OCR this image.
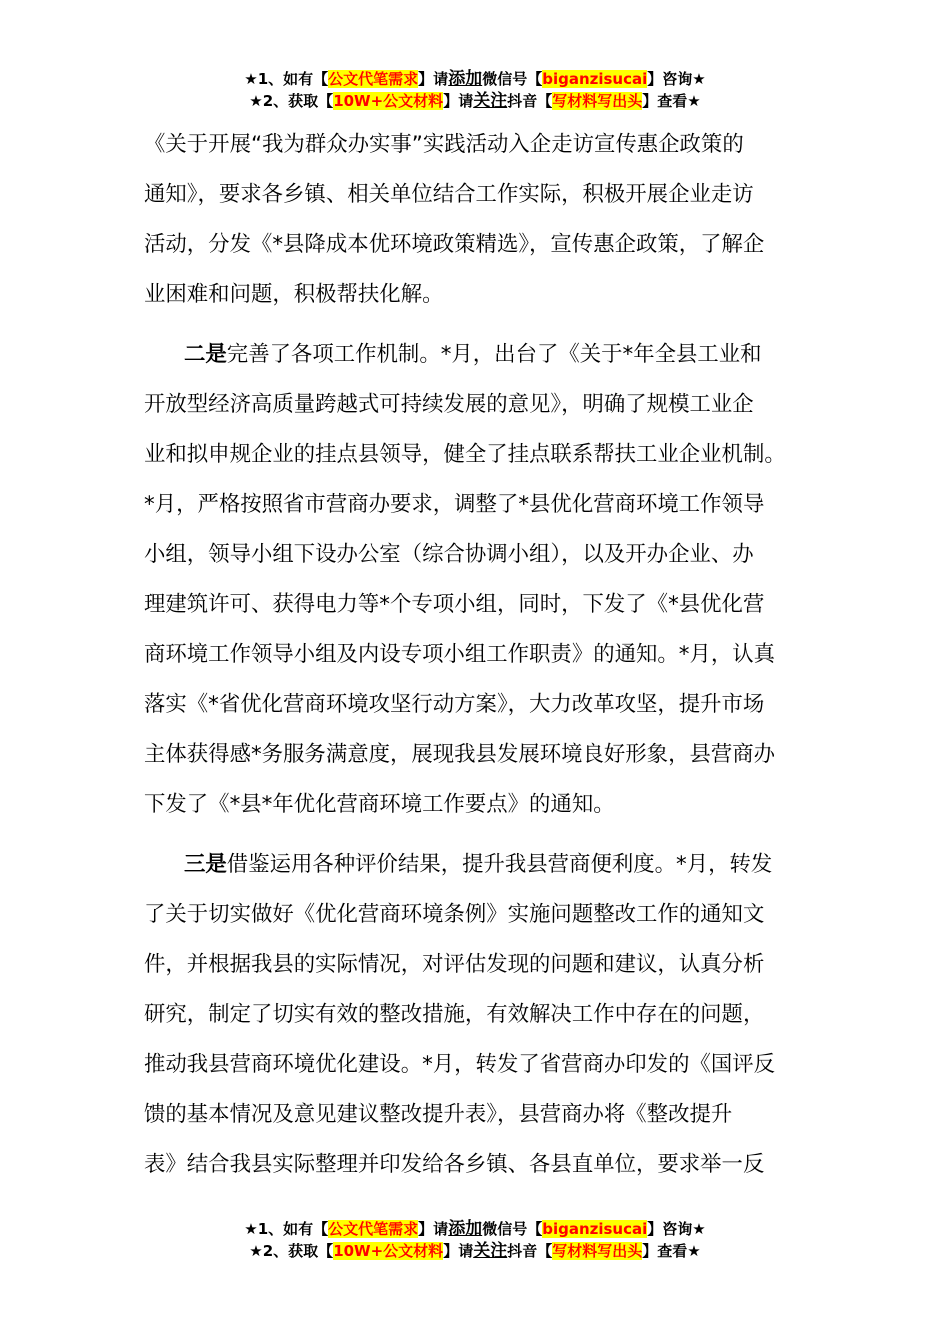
★1、如有【公文代笔需求】请添加微信号【biganzisucai】咨询★
★2、获取【10W+公文材料】请关注抖音【写材料写出头】查看★
《关于开展“我为群众办实事”实践活动入企走访宣传惠企政策的
通知》，要求各乡镇、相关单位结合工作实际，积极开展企业走访
活动，分发《*县降成本优环境政策精选》，宣传惠企政策，了解企
业困难和问题，积极帮扶化解。
二是完善了各项工作机制。*月，出台了《关于*年全县工业和
开放型经济高质量跨越式可持续发展的意见》，明确了规模工业企
业和拟申规企业的挂点县领导，健全了挂点联系帮扶工业企业机制。
*月，严格按照省市营商办要求，调整了*县优化营商环境工作领导
小组，领导小组下设办公室（综合协调小组），以及开办企业、办
理建筑许可、获得电力等*个专项小组，同时，下发了《*县优化营
商环境工作领导小组及内设专项小组工作职责》的通知。*月，认真
落实《*省优化营商环境攻坚行动方案》，大力改革攻坚，提升市场
主体获得感*务服务满意度，展现我县发展环境良好形象，县营商办
下发了《*县*年优化营商环境工作要点》的通知。
三是借鉴运用各种评价结果，提升我县营商便利度。*月，转发
了关于切实做好《优化营商环境条例》实施问题整改工作的通知文
件，并根据我县的实际情况，对评估发现的问题和建议，认真分析
研究，制定了切实有效的整改措施，有效解决工作中存在的问题，
推动我县营商环境优化建设。*月，转发了省营商办印发的《国评反
馈的基本情况及意见建议整改提升表》，县营商办将《整改提升
表》结合我县实际整理并印发给各乡镇、各县直单位，要求举一反
★1、如有【公文代笔需求】请添加微信号【biganzisucai】咨询★
★2、获取【10W+公文材料】请关注抖音【写材料写出头】查看★
